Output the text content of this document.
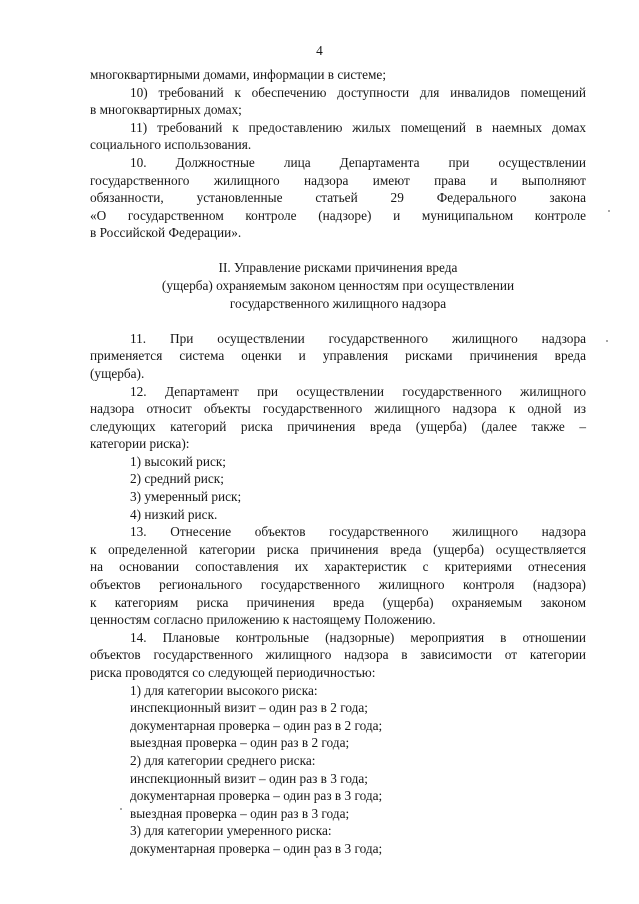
4
многоквартирными домами, информации в системе;
10) требований к обеспечению доступности для инвалидов помещений
в многоквартирных домах;
11) требований к предоставлению жилых помещений в наемных домах
социального использования.
10. Должностные лица Департамента при осуществлении
государственного жилищного надзора имеют права и выполняют
обязанности, установленные статьей 29 Федерального закона
«О государственном контроле (надзоре) и муниципальном контроле
в Российской Федерации».
II. Управление рисками причинения вреда
(ущерба) охраняемым законом ценностям при осуществлении
государственного жилищного надзора
11. При осуществлении государственного жилищного надзора
применяется система оценки и управления рисками причинения вреда
(ущерба).
12. Департамент при осуществлении государственного жилищного
надзора относит объекты государственного жилищного надзора к одной из
следующих категорий риска причинения вреда (ущерба) (далее также –
категории риска):
1) высокий риск;
2) средний риск;
3) умеренный риск;
4) низкий риск.
13. Отнесение объектов государственного жилищного надзора
к определенной категории риска причинения вреда (ущерба) осуществляется
на основании сопоставления их характеристик с критериями отнесения
объектов регионального государственного жилищного контроля (надзора)
к категориям риска причинения вреда (ущерба) охраняемым законом
ценностям согласно приложению к настоящему Положению.
14. Плановые контрольные (надзорные) мероприятия в отношении
объектов государственного жилищного надзора в зависимости от категории
риска проводятся со следующей периодичностью:
1) для категории высокого риска:
инспекционный визит – один раз в 2 года;
документарная проверка – один раз в 2 года;
выездная проверка – один раз в 2 года;
2) для категории среднего риска:
инспекционный визит – один раз в 3 года;
документарная проверка – один раз в 3 года;
выездная проверка – один раз в 3 года;
3) для категории умеренного риска:
документарная проверка – один раз в 3 года;
